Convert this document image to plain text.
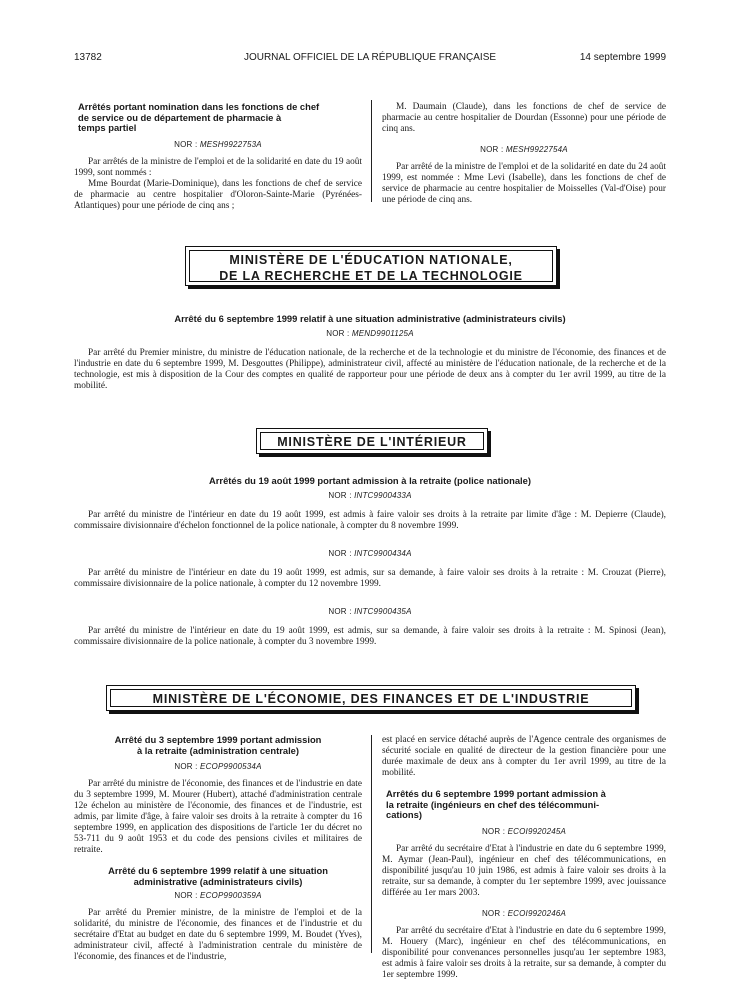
13782	JOURNAL OFFICIEL DE LA RÉPUBLIQUE FRANÇAISE	14 septembre 1999
Arrêtés portant nomination dans les fonctions de chef
de service ou de département de pharmacie à
temps partiel
NOR : MESH9922753A

Par arrêtés de la ministre de l'emploi et de la solidarité en date du 19 août 1999, sont nommés :

Mme Bourdat (Marie-Dominique), dans les fonctions de chef de service de pharmacie au centre hospitalier d'Oloron-Sainte-Marie (Pyrénées-Atlantiques) pour une période de cinq ans ;

M. Daumain (Claude), dans les fonctions de chef de service de pharmacie au centre hospitalier de Dourdan (Essonne) pour une période de cinq ans.

NOR : MESH9922754A

Par arrêté de la ministre de l'emploi et de la solidarité en date du 24 août 1999, est nommée : Mme Levi (Isabelle), dans les fonctions de chef de service de pharmacie au centre hospitalier de Moisselles (Val-d'Oise) pour une période de cinq ans.

MINISTÈRE DE L'ÉDUCATION NATIONALE,
DE LA RECHERCHE ET DE LA TECHNOLOGIE
Arrêté du 6 septembre 1999 relatif à une situation administrative (administrateurs civils)
NOR : MEND9901125A

Par arrêté du Premier ministre, du ministre de l'éducation nationale, de la recherche et de la technologie et du ministre de l'économie, des finances et de l'industrie en date du 6 septembre 1999, M. Desgouttes (Philippe), administrateur civil, affecté au ministère de l'éducation nationale, de la recherche et de la technologie, est mis à disposition de la Cour des comptes en qualité de rapporteur pour une période de deux ans à compter du 1er avril 1999, au titre de la mobilité.

MINISTÈRE DE L'INTÉRIEUR
Arrêtés du 19 août 1999 portant admission à la retraite (police nationale)
NOR : INTC9900433A

Par arrêté du ministre de l'intérieur en date du 19 août 1999, est admis à faire valoir ses droits à la retraite par limite d'âge : M. Depierre (Claude), commissaire divisionnaire d'échelon fonctionnel de la police nationale, à compter du 8 novembre 1999.

NOR : INTC9900434A

Par arrêté du ministre de l'intérieur en date du 19 août 1999, est admis, sur sa demande, à faire valoir ses droits à la retraite : M. Crouzat (Pierre), commissaire divisionnaire de la police nationale, à compter du 12 novembre 1999.

NOR : INTC9900435A

Par arrêté du ministre de l'intérieur en date du 19 août 1999, est admis, sur sa demande, à faire valoir ses droits à la retraite : M. Spinosi (Jean), commissaire divisionnaire de la police nationale, à compter du 3 novembre 1999.

MINISTÈRE DE L'ÉCONOMIE, DES FINANCES ET DE L'INDUSTRIE
Arrêté du 3 septembre 1999 portant admission
à la retraite (administration centrale)
NOR : ECOP9900534A

Par arrêté du ministre de l'économie, des finances et de l'industrie en date du 3 septembre 1999, M. Mourer (Hubert), attaché d'administration centrale 12e échelon au ministère de l'économie, des finances et de l'industrie, est admis, par limite d'âge, à faire valoir ses droits à la retraite à compter du 16 septembre 1999, en application des dispositions de l'article 1er du décret no 53-711 du 9 août 1953 et du code des pensions civiles et militaires de retraite.

Arrêté du 6 septembre 1999 relatif à une situation
administrative (administrateurs civils)
NOR : ECOP9900359A

Par arrêté du Premier ministre, de la ministre de l'emploi et de la solidarité, du ministre de l'économie, des finances et de l'industrie et du secrétaire d'Etat au budget en date du 6 septembre 1999, M. Boudet (Yves), administrateur civil, affecté à l'administration centrale du ministère de l'économie, des finances et de l'industrie,

est placé en service détaché auprès de l'Agence centrale des organismes de sécurité sociale en qualité de directeur de la gestion financière pour une durée maximale de deux ans à compter du 1er avril 1999, au titre de la mobilité.

Arrêtés du 6 septembre 1999 portant admission à
la retraite (ingénieurs en chef des télécommuni-
cations)
NOR : ECOI9920245A

Par arrêté du secrétaire d'Etat à l'industrie en date du 6 septembre 1999, M. Aymar (Jean-Paul), ingénieur en chef des télécommunications, en disponibilité jusqu'au 10 juin 1986, est admis à faire valoir ses droits à la retraite, sur sa demande, à compter du 1er septembre 1999, avec jouissance différée au 1er mars 2003.

NOR : ECOI9920246A

Par arrêté du secrétaire d'Etat à l'industrie en date du 6 septembre 1999, M. Houery (Marc), ingénieur en chef des télécommunications, en disponibilité pour convenances personnelles jusqu'au 1er septembre 1983, est admis à faire valoir ses droits à la retraite, sur sa demande, à compter du 1er septembre 1999.
